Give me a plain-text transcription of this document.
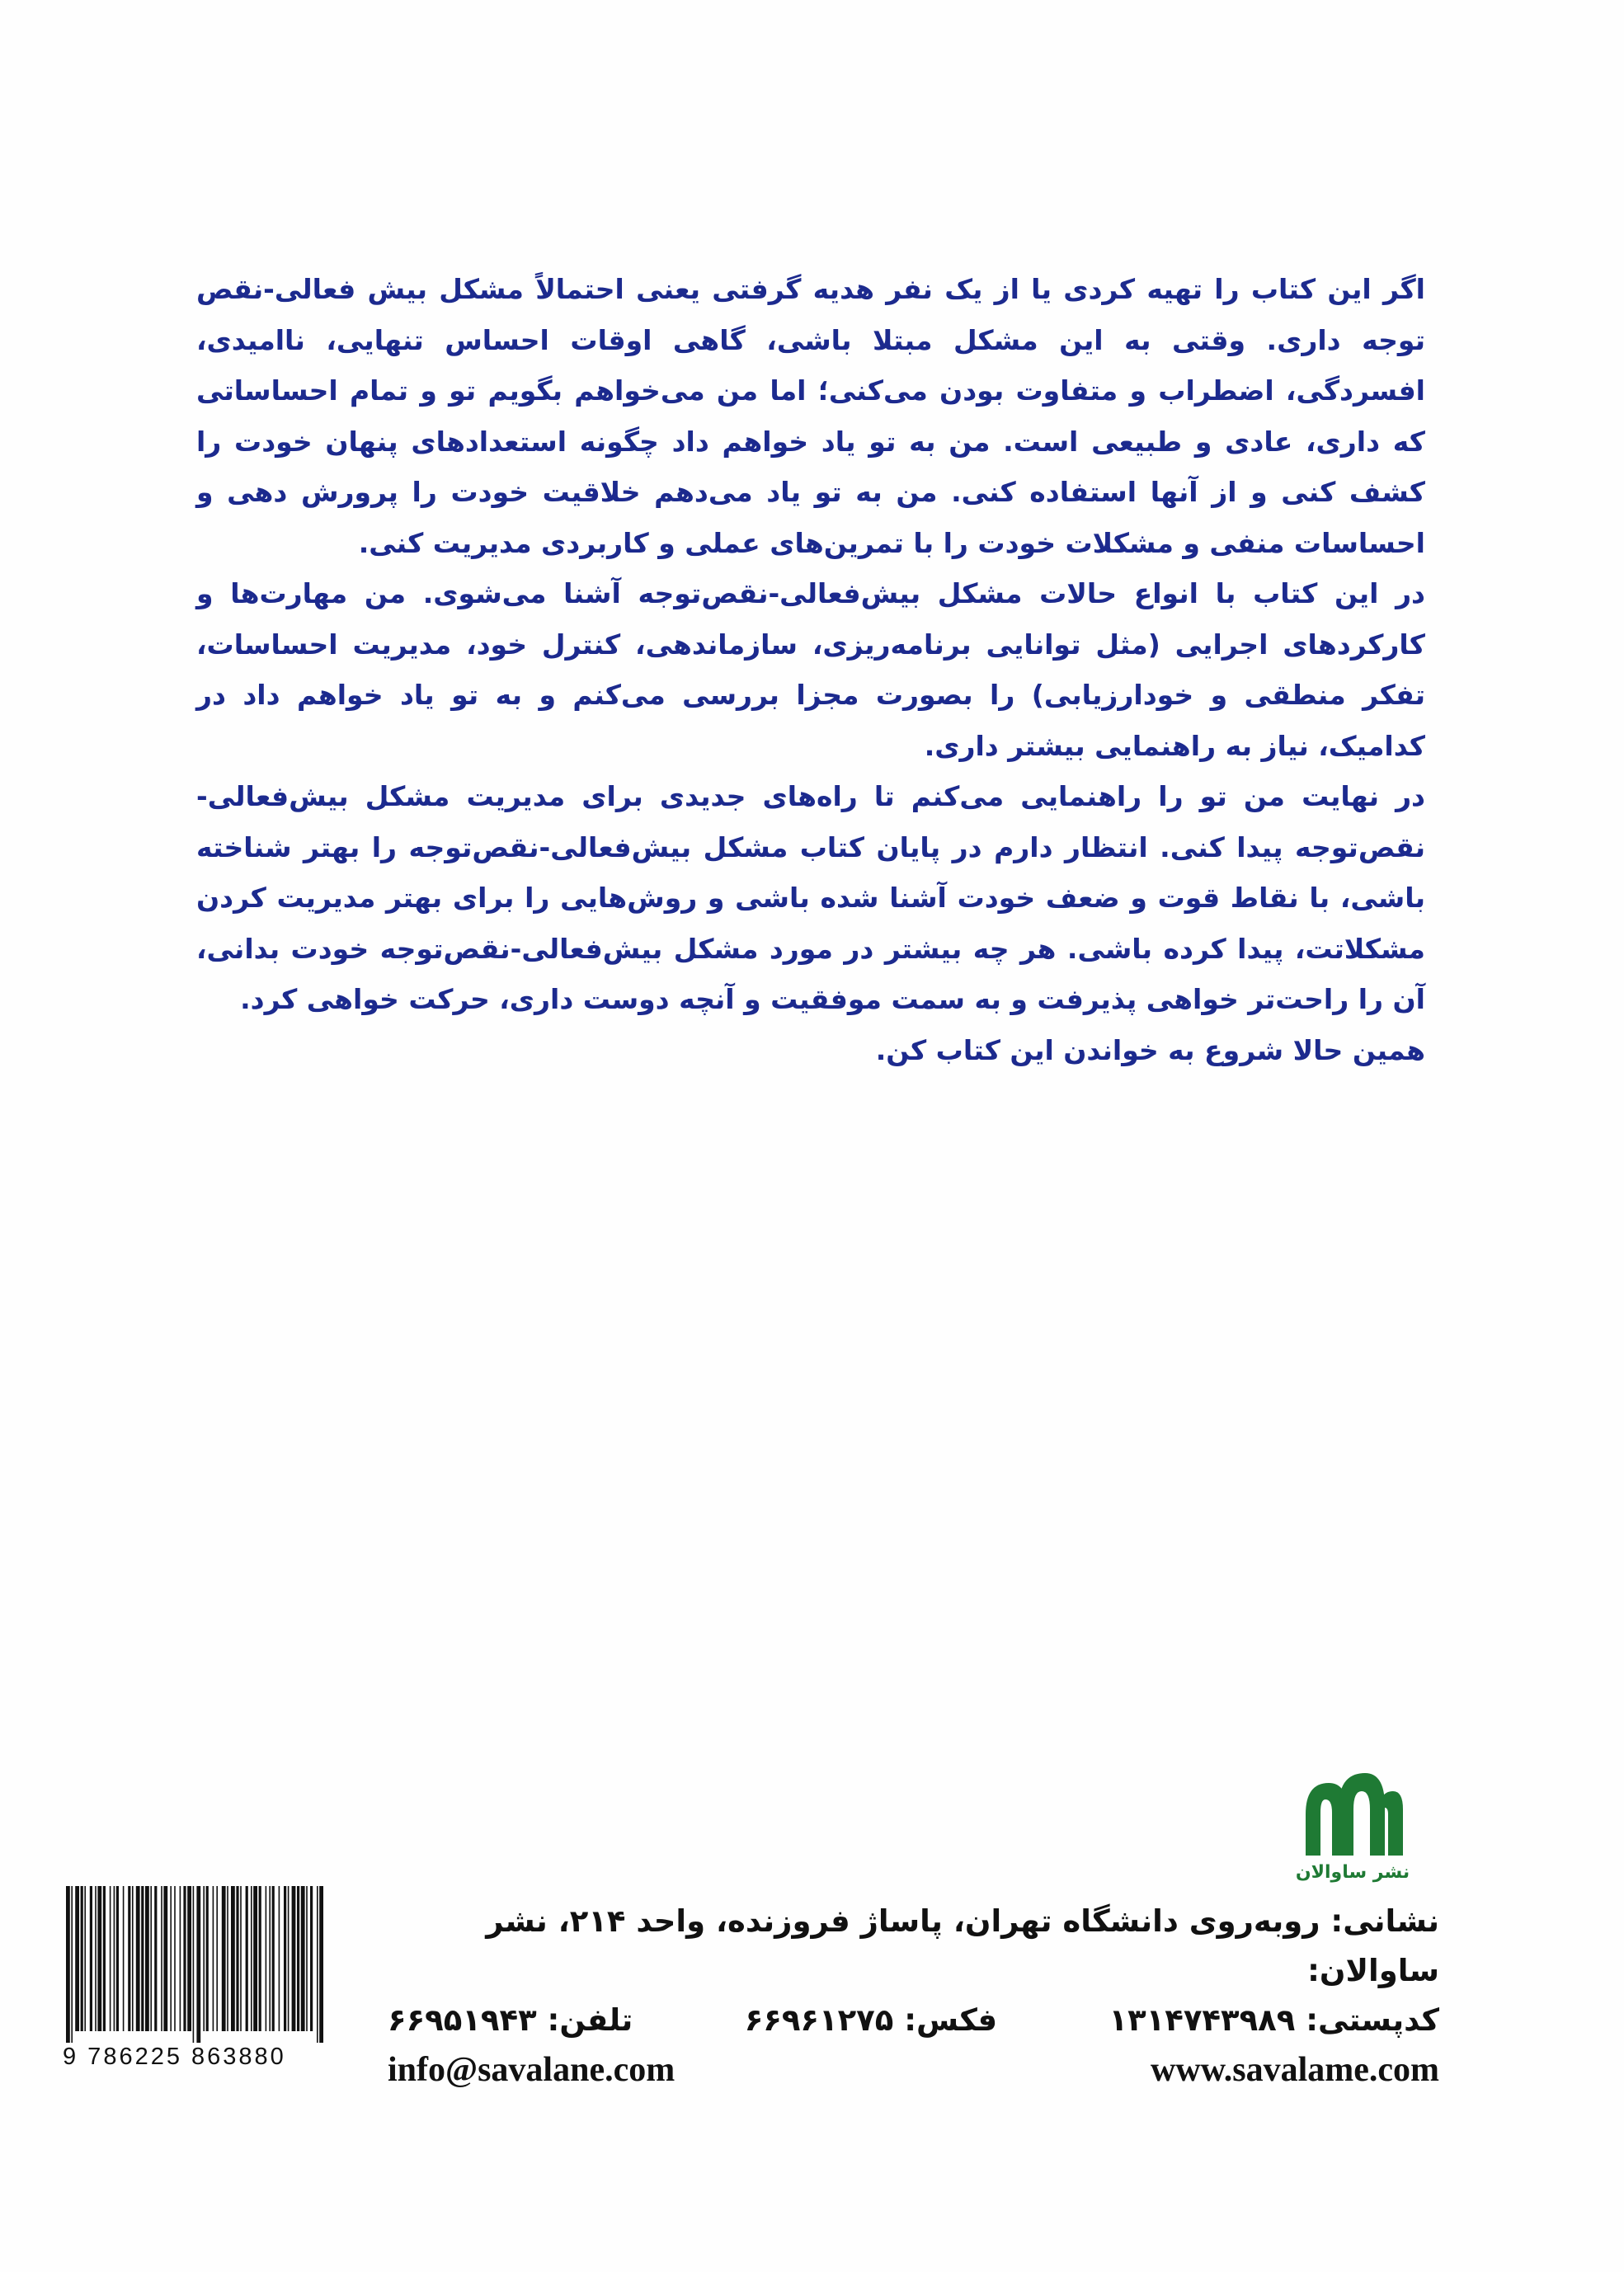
اگر این کتاب را تهیه کردی یا از یک نفر هدیه گرفتی یعنی احتمالاً مشکل بیش فعالی-نقص توجه داری. وقتی به این مشکل مبتلا باشی، گاهی اوقات احساس تنهایی، ناامیدی، افسردگی، اضطراب و متفاوت بودن می‌کنی؛ اما من می‌خواهم بگویم تو و تمام احساساتی که داری، عادی و طبیعی است. من به تو یاد خواهم داد چگونه استعدادهای پنهان خودت را کشف کنی و از آنها استفاده کنی. من به تو یاد می‌دهم خلاقیت خودت را پرورش دهی و احساسات منفی و مشکلات خودت را با تمرین‌های عملی و کاربردی مدیریت کنی.

در این کتاب با انواع حالات مشکل بیش‌فعالی-نقص‌توجه آشنا می‌شوی. من مهارت‌ها و کارکردهای اجرایی (مثل توانایی برنامه‌ریزی، سازماندهی، کنترل خود، مدیریت احساسات، تفکر منطقی و خودارزیابی) را بصورت مجزا بررسی می‌کنم و به تو یاد خواهم داد در کدامیک، نیاز به راهنمایی بیشتر داری.

در نهایت من تو را راهنمایی می‌کنم تا راه‌های جدیدی برای مدیریت مشکل بیش‌فعالی-نقص‌توجه پیدا کنی. انتظار دارم در پایان کتاب مشکل بیش‌فعالی-نقص‌توجه را بهتر شناخته باشی، با نقاط قوت و ضعف خودت آشنا شده باشی و روش‌هایی را برای بهتر مدیریت کردن مشکلاتت، پیدا کرده باشی. هر چه بیشتر در مورد مشکل بیش‌فعالی-نقص‌توجه خودت بدانی، آن را راحت‌تر خواهی پذیرفت و به سمت موفقیت و آنچه دوست داری، حرکت خواهی کرد.

همین حالا شروع به خواندن این کتاب کن.

نشر ساوالان
نشانی: روبه‌روی دانشگاه تهران، پاساژ فروزنده، واحد ۲۱۴، نشر ساوالان:
کدپستی: ۱۳۱۴۷۴۳۹۸۹
فکس: ۶۶۹۶۱۲۷۵
تلفن: ۶۶۹۵۱۹۴۳
info@savalane.com	www.savalame.com
9 786225 863880
